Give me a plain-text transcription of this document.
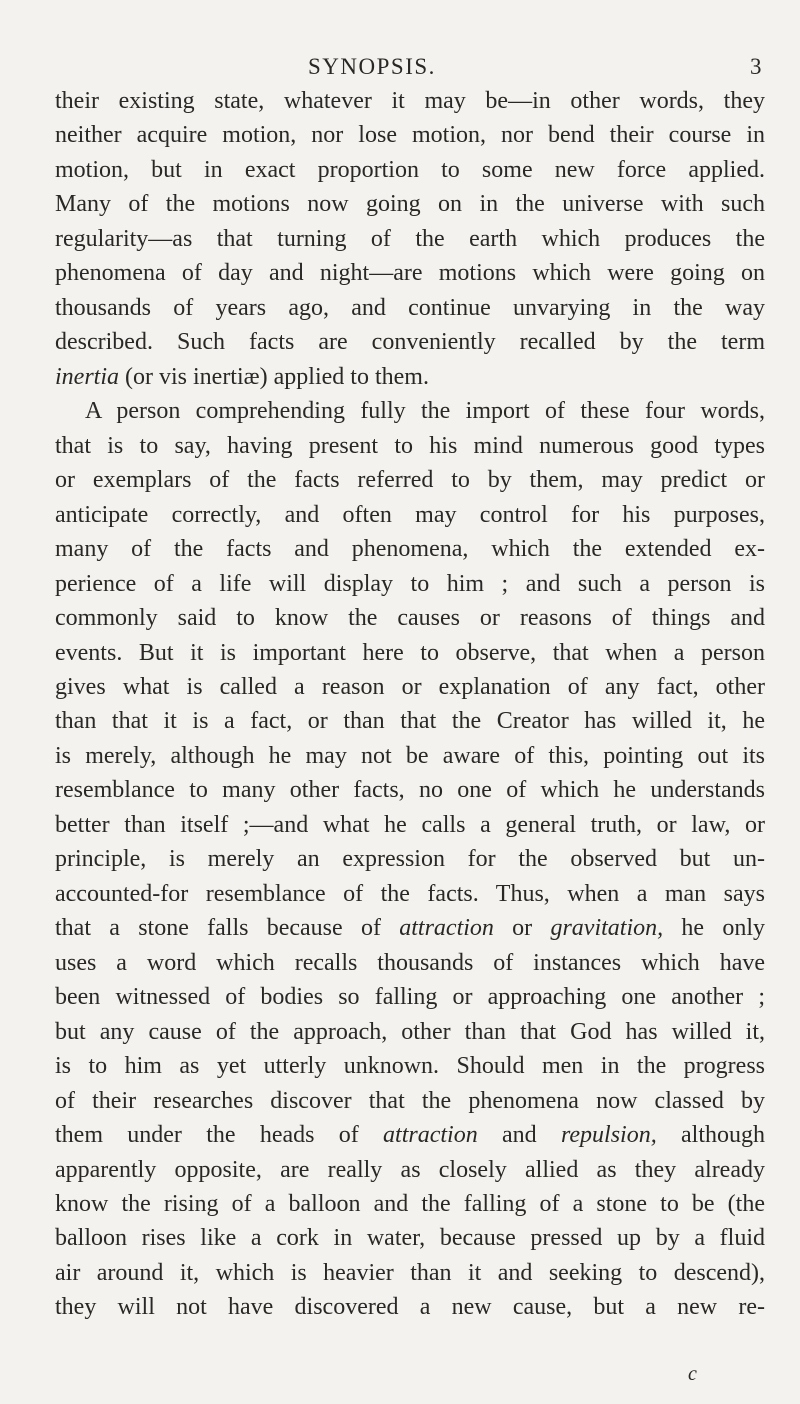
SYNOPSIS.	3
their existing state, whatever it may be—in other words, they
neither acquire motion, nor lose motion, nor bend their course in
motion, but in exact proportion to some new force applied.
Many of the motions now going on in the universe with such
regularity—as that turning of the earth which produces the
phenomena of day and night—are motions which were going on
thousands of years ago, and continue unvarying in the way
described. Such facts are conveniently recalled by the term
inertia (or vis inertiæ) applied to them.
A person comprehending fully the import of these four words,
that is to say, having present to his mind numerous good types
or exemplars of the facts referred to by them, may predict or
anticipate correctly, and often may control for his purposes,
many of the facts and phenomena, which the extended ex-
perience of a life will display to him ; and such a person is
commonly said to know the causes or reasons of things and
events. But it is important here to observe, that when a person
gives what is called a reason or explanation of any fact, other
than that it is a fact, or than that the Creator has willed it, he
is merely, although he may not be aware of this, pointing out its
resemblance to many other facts, no one of which he understands
better than itself ;—and what he calls a general truth, or law, or
principle, is merely an expression for the observed but un-
accounted-for resemblance of the facts. Thus, when a man says
that a stone falls because of attraction or gravitation, he only
uses a word which recalls thousands of instances which have
been witnessed of bodies so falling or approaching one another ;
but any cause of the approach, other than that God has willed it,
is to him as yet utterly unknown. Should men in the progress
of their researches discover that the phenomena now classed by
them under the heads of attraction and repulsion, although
apparently opposite, are really as closely allied as they already
know the rising of a balloon and the falling of a stone to be (the
balloon rises like a cork in water, because pressed up by a fluid
air around it, which is heavier than it and seeking to descend),
they will not have discovered a new cause, but a new re-
c
